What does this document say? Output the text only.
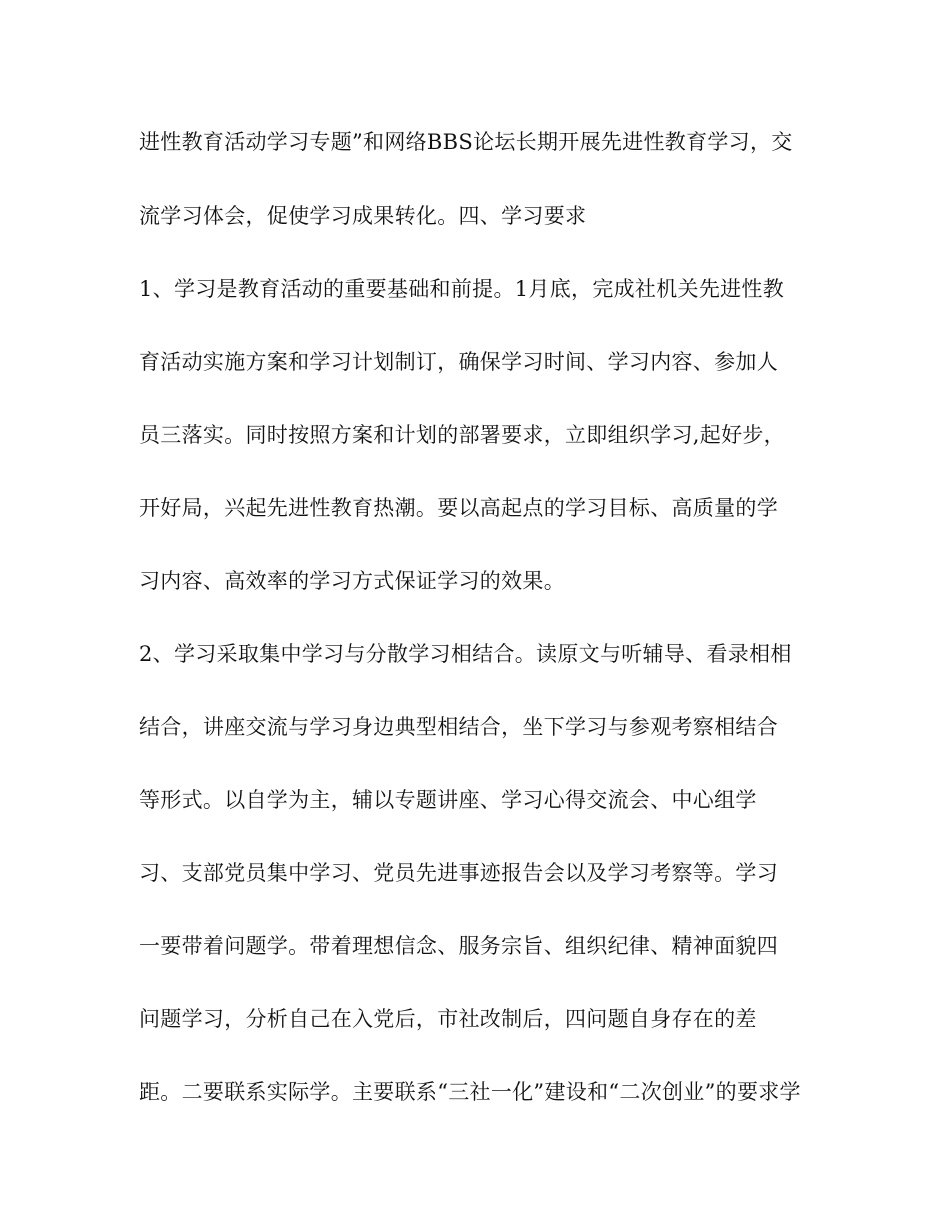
进性教育活动学习专题”和网络BBS论坛长期开展先进性教育学习，交
流学习体会，促使学习成果转化。四、学习要求
1、学习是教育活动的重要基础和前提。1月底，完成社机关先进性教
育活动实施方案和学习计划制订，确保学习时间、学习内容、参加人
员三落实。同时按照方案和计划的部署要求，立即组织学习,起好步，
开好局，兴起先进性教育热潮。要以高起点的学习目标、高质量的学
习内容、高效率的学习方式保证学习的效果。
2、学习采取集中学习与分散学习相结合。读原文与听辅导、看录相相
结合，讲座交流与学习身边典型相结合，坐下学习与参观考察相结合
等形式。以自学为主，辅以专题讲座、学习心得交流会、中心组学
习、支部党员集中学习、党员先进事迹报告会以及学习考察等。学习
一要带着问题学。带着理想信念、服务宗旨、组织纪律、精神面貌四
问题学习，分析自己在入党后，市社改制后，四问题自身存在的差
距。二要联系实际学。主要联系“三社一化”建设和“二次创业”的要求学
